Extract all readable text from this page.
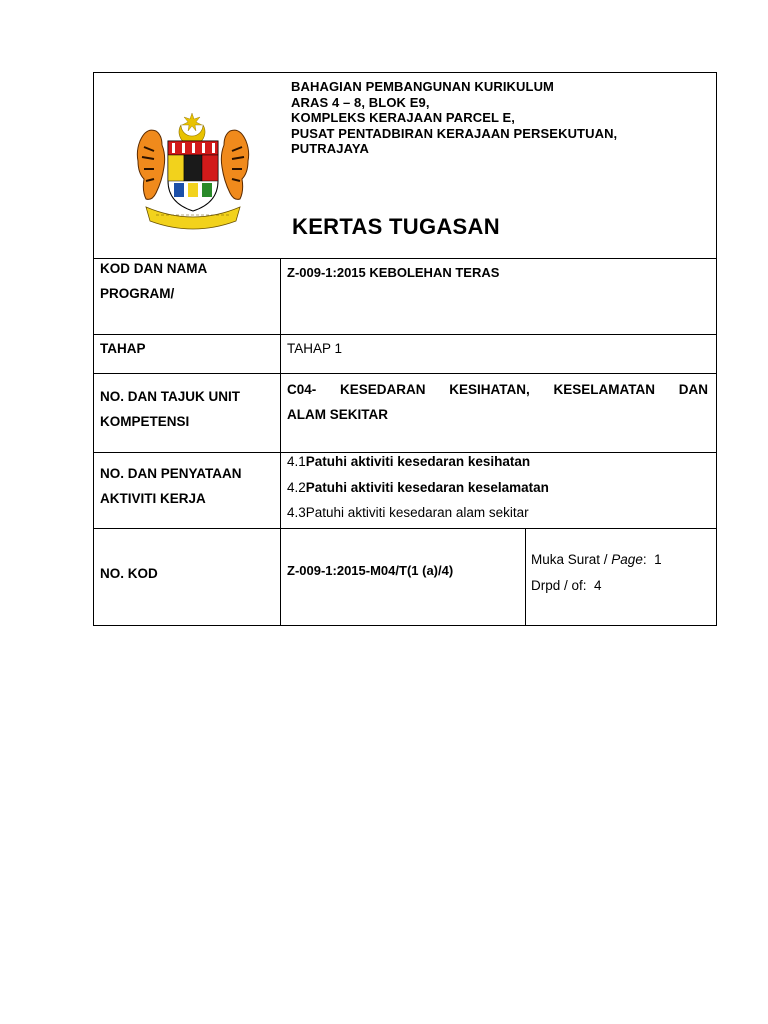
BAHAGIAN PEMBANGUNAN KURIKULUM
ARAS 4 – 8, BLOK E9,
KOMPLEKS KERAJAAN PARCEL E,
PUSAT PENTADBIRAN KERAJAAN PERSEKUTUAN,
PUTRAJAYA
KERTAS TUGASAN
KOD DAN NAMA
PROGRAM/
Z-009-1:2015 KEBOLEHAN TERAS
TAHAP	TAHAP 1
NO. DAN TAJUK UNIT
KOMPETENSI
C04- KESEDARAN KESIHATAN, KESELAMATAN DAN
ALAM SEKITAR
NO. DAN PENYATAAN
AKTIVITI KERJA
4.1Patuhi aktiviti kesedaran kesihatan
4.2Patuhi aktiviti kesedaran keselamatan
4.3Patuhi aktiviti kesedaran alam sekitar
NO. KOD	Z-009-1:2015-M04/T(1 (a)/4)
Muka Surat / Page: 1
Drpd / of: 4
